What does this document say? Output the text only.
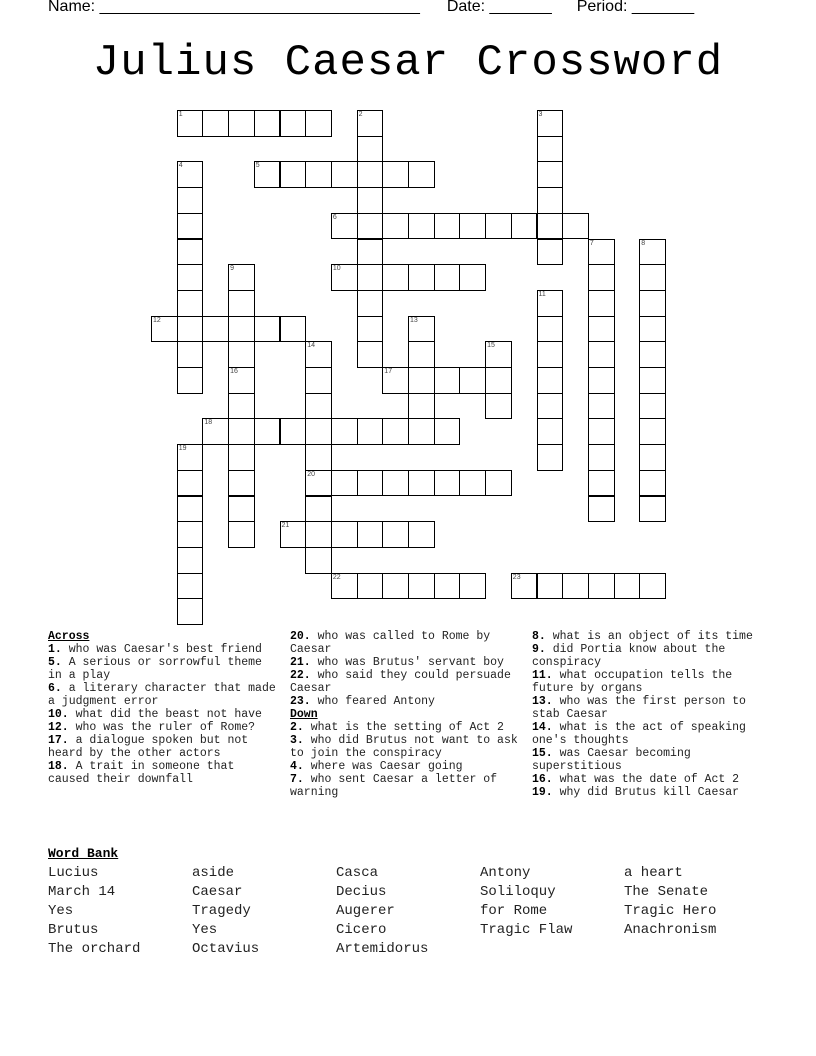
Name: ____________________________________ Date: _______ Period: _______
Julius Caesar Crossword
1	2	3
4	5
6
7	8
9	10
11
12	13
14
20
15
16	17
18
19
21
22	23
Across
1. who was Caesar's best friend
5. A serious or sorrowful theme in a play
6. a literary character that made a judgment error
10. what did the beast not have
12. who was the ruler of Rome?
17. a dialogue spoken but not heard by the other actors
18. A trait in someone that caused their downfall
20. who was called to Rome by Caesar
21. who was Brutus' servant boy
22. who said they could persuade Caesar
23. who feared Antony
Down
2. what is the setting of Act 2
3. who did Brutus not want to ask to join the conspiracy
4. where was Caesar going
7. who sent Caesar a letter of warning
8. what is an object of its time
9. did Portia know about the conspiracy
11. what occupation tells the future by organs
13. who was the first person to stab Caesar
14. what is the act of speaking one's thoughts
15. was Caesar becoming superstitious
16. what was the date of Act 2
19. why did Brutus kill Caesar
Word Bank
Lucius
March 14
Yes
Brutus
The orchard
aside
Caesar
Tragedy
Yes
Octavius
Casca
Decius
Augerer
Cicero
Artemidorus
Antony
Soliloquy
for Rome
Tragic Flaw
a heart
The Senate
Tragic Hero
Anachronism
